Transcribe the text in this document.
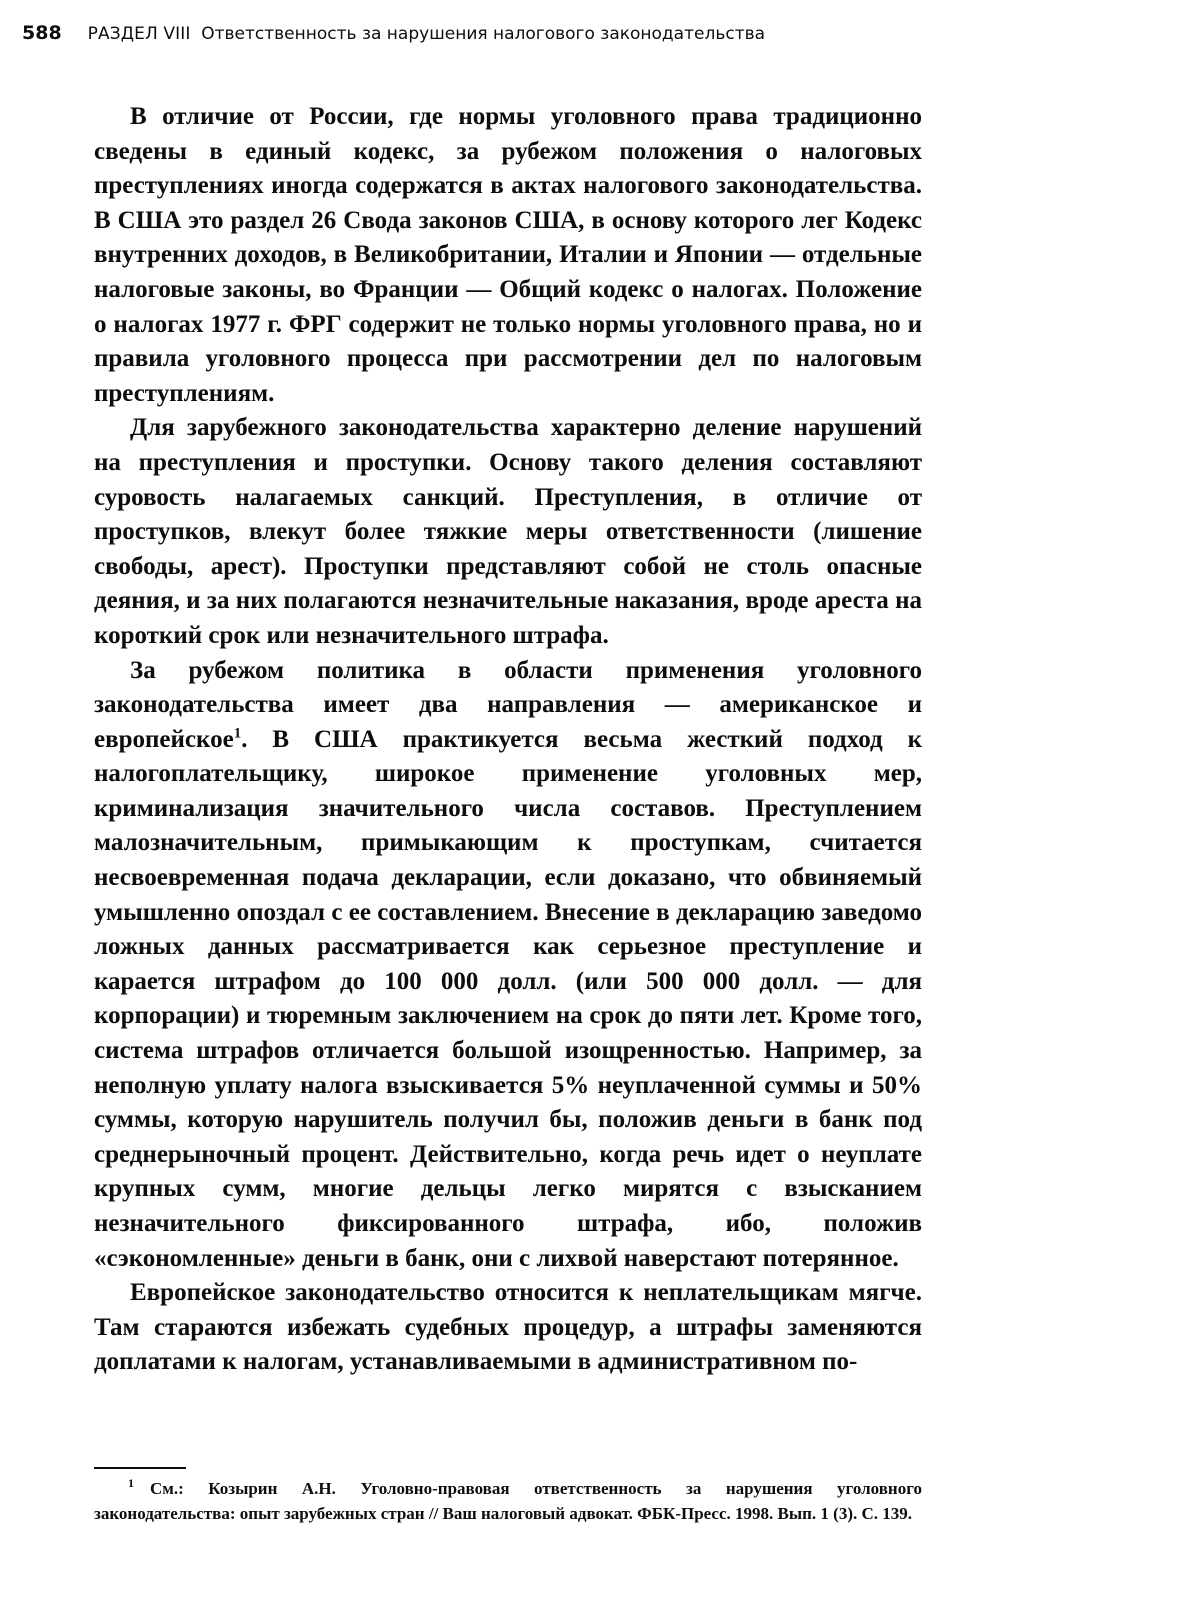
588 РАЗДЕЛ VIII Ответственность за нарушения налогового законодательства

В отличие от России, где нормы уголовного права традиционно сведены в единый кодекс, за рубежом положения о налоговых преступлениях иногда содержатся в актах налогового законодательства. В США это раздел 26 Свода законов США, в основу которого лег Кодекс внутренних доходов, в Великобритании, Италии и Японии — отдельные налоговые законы, во Франции — Общий кодекс о налогах. Положение о налогах 1977 г. ФРГ содержит не только нормы уголовного права, но и правила уголовного процесса при рассмотрении дел по налоговым преступлениям.

Для зарубежного законодательства характерно деление нарушений на преступления и проступки. Основу такого деления составляют суровость налагаемых санкций. Преступления, в отличие от проступков, влекут более тяжкие меры ответственности (лишение свободы, арест). Проступки представляют собой не столь опасные деяния, и за них полагаются незначительные наказания, вроде ареста на короткий срок или незначительного штрафа.

За рубежом политика в области применения уголовного законодательства имеет два направления — американское и европейское$^1$. В США практикуется весьма жесткий подход к налогоплательщику, широкое применение уголовных мер, криминализация значительного числа составов. Преступлением малозначительным, примыкающим к проступкам, считается несвоевременная подача декларации, если доказано, что обвиняемый умышленно опоздал с ее составлением. Внесение в декларацию заведомо ложных данных рассматривается как серьезное преступление и карается штрафом до 100 000 долл. (или 500 000 долл. — для корпорации) и тюремным заключением на срок до пяти лет. Кроме того, система штрафов отличается большой изощренностью. Например, за неполную уплату налога взыскивается 5% неуплаченной суммы и 50% суммы, которую нарушитель получил бы, положив деньги в банк под среднерыночный процент. Действительно, когда речь идет о неуплате крупных сумм, многие дельцы легко мирятся с взысканием незначительного фиксированного штрафа, ибо, положив «сэкономленные» деньги в банк, они с лихвой наверстают потерянное.

Европейское законодательство относится к неплательщикам мягче. Там стараются избежать судебных процедур, а штрафы заменяются доплатами к налогам, устанавливаемыми в административном по-

$^1$ См.: Козырин А.Н. Уголовно-правовая ответственность за нарушения уголовного законодательства: опыт зарубежных стран // Ваш налоговый адвокат. ФБК-Пресс. 1998. Вып. 1 (3). С. 139.
